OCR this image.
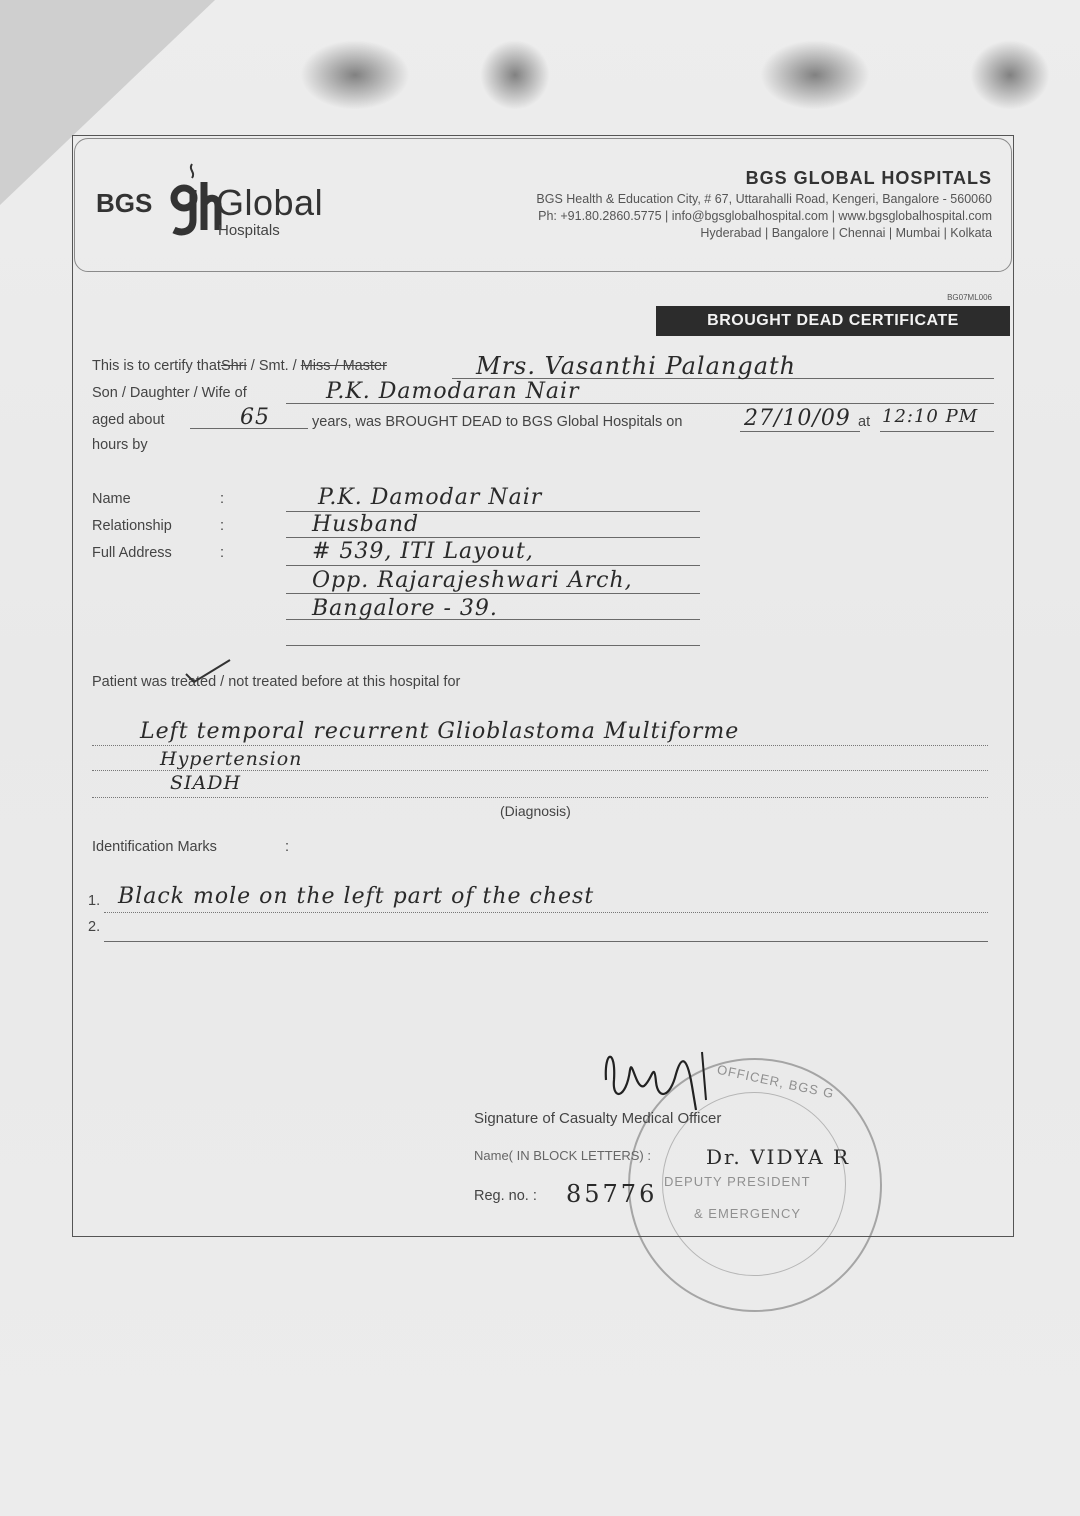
BGS Global
Hospitals
BGS GLOBAL HOSPITALS
BGS Health & Education City, # 67, Uttarahalli Road, Kengeri, Bangalore - 560060
Ph: +91.80.2860.5775 | info@bgsglobalhospital.com | www.bgsglobalhospital.com
Hyderabad | Bangalore | Chennai | Mumbai | Kolkata
BG07ML006
BROUGHT DEAD CERTIFICATE
This is to certify thatShri / Smt. / Miss / Master	Mrs. Vasanthi Palangath
Son / Daughter / Wife of	P.K. Damodaran Nair
aged about	65	years, was BROUGHT DEAD to BGS Global Hospitals on	27/10/09 at 12:10 PM
hours by
Name	:	P.K. Damodar Nair
Relationship	:	Husband
Full Address	:	# 539, ITI Layout,
Opp. Rajarajeshwari Arch,
Bangalore - 39.
Patient was treated / not treated before at this hospital for
Left temporal recurrent Glioblastoma Multiforme
Hypertension
SIADH
(Diagnosis)
Identification Marks	:
1. Black mole on the left part of the chest
2.
OFFICER, BGS G
DEPUTY PRESIDENT
& EMERGENCY
Signature of Casualty Medical Officer
Name( IN BLOCK LETTERS) :	Dr. VIDYA R
Reg. no. : 85776
